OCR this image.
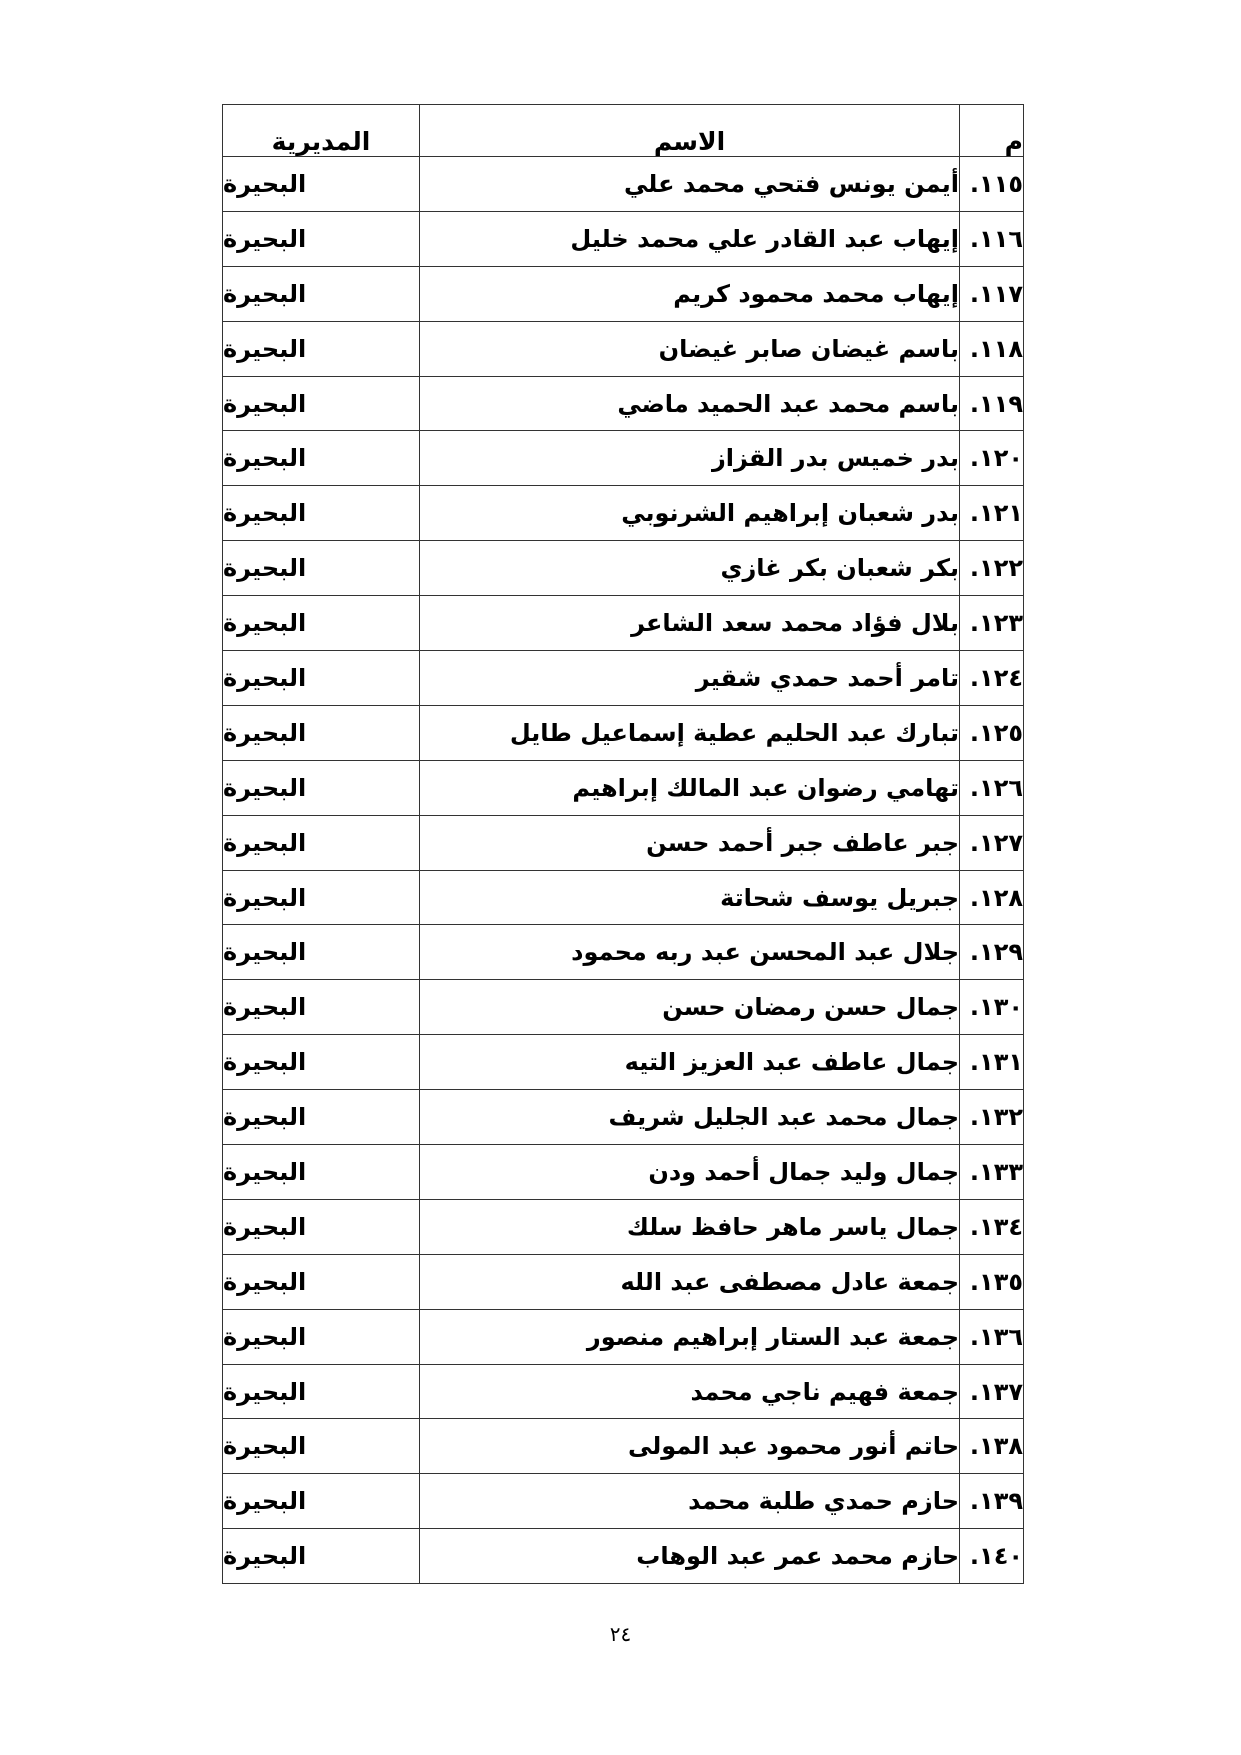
م	الاسم	المديرية
١١٥.	أيمن يونس فتحي محمد علي	البحيرة
١١٦.	إيهاب عبد القادر علي محمد خليل	البحيرة
١١٧.	إيهاب محمد محمود كريم	البحيرة
١١٨.	باسم غيضان صابر غيضان	البحيرة
١١٩.	باسم محمد عبد الحميد ماضي	البحيرة
١٢٠.	بدر خميس بدر القزاز	البحيرة
١٢١.	بدر شعبان إبراهيم الشرنوبي	البحيرة
١٢٢.	بكر شعبان بكر غازي	البحيرة
١٢٣.	بلال فؤاد محمد سعد الشاعر	البحيرة
١٢٤.	تامر أحمد حمدي شقير	البحيرة
١٢٥.	تبارك عبد الحليم عطية إسماعيل طايل	البحيرة
١٢٦.	تهامي رضوان عبد المالك إبراهيم	البحيرة
١٢٧.	جبر عاطف جبر أحمد حسن	البحيرة
١٢٨.	جبريل يوسف شحاتة	البحيرة
١٢٩.	جلال عبد المحسن عبد ربه محمود	البحيرة
١٣٠.	جمال حسن رمضان حسن	البحيرة
١٣١.	جمال عاطف عبد العزيز التيه	البحيرة
١٣٢.	جمال محمد عبد الجليل شريف	البحيرة
١٣٣.	جمال وليد جمال أحمد ودن	البحيرة
١٣٤.	جمال ياسر ماهر حافظ سلك	البحيرة
١٣٥.	جمعة عادل مصطفى عبد الله	البحيرة
١٣٦.	جمعة عبد الستار إبراهيم منصور	البحيرة
١٣٧.	جمعة فهيم ناجي محمد	البحيرة
١٣٨.	حاتم أنور محمود عبد المولى	البحيرة
١٣٩.	حازم حمدي طلبة محمد	البحيرة
١٤٠.	حازم محمد عمر عبد الوهاب	البحيرة
٢٤
